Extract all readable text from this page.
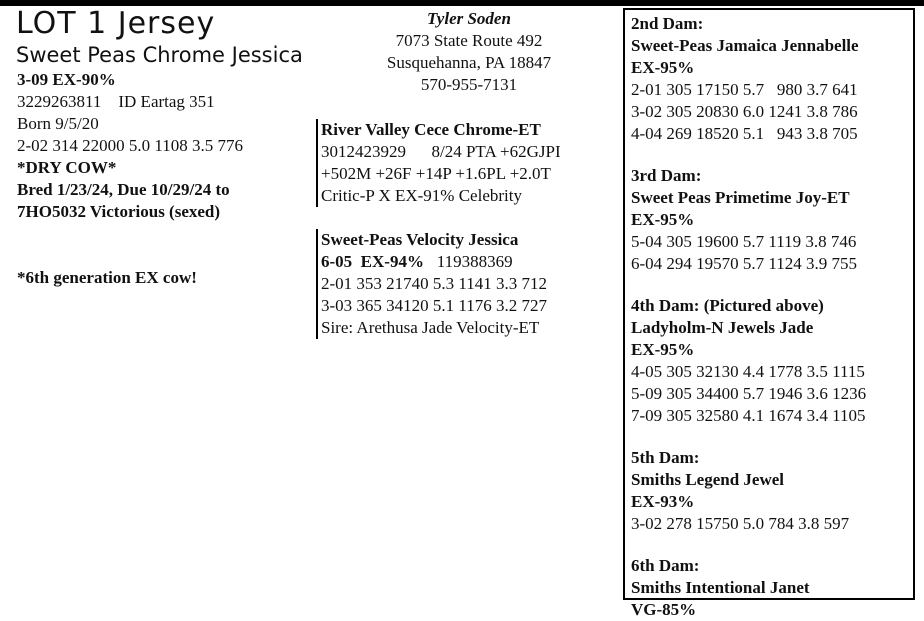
LOT 1 Jersey
Sweet Peas Chrome Jessica
3-09 EX-90%
3229263811    ID Eartag 351
Born 9/5/20
2-02 314 22000 5.0 1108 3.5 776
*DRY COW*
Bred 1/23/24, Due 10/29/24 to
7HO5032 Victorious (sexed)
*6th generation EX cow!
Tyler Soden
7073 State Route 492
Susquehanna, PA 18847
570-955-7131
River Valley Cece Chrome-ET
3012423929      8/24 PTA +62GJPI
+502M +26F +14P +1.6PL +2.0T
Critic-P X EX-91% Celebrity
Sweet-Peas Velocity Jessica
6-05  EX-94%   119388369
2-01 353 21740 5.3 1141 3.3 712
3-03 365 34120 5.1 1176 3.2 727
Sire: Arethusa Jade Velocity-ET
2nd Dam:
Sweet-Peas Jamaica Jennabelle
EX-95%
2-01 305 17150 5.7   980 3.7 641
3-02 305 20830 6.0 1241 3.8 786
4-04 269 18520 5.1   943 3.8 705
3rd Dam:
Sweet Peas Primetime Joy-ET
EX-95%
5-04 305 19600 5.7 1119 3.8 746
6-04 294 19570 5.7 1124 3.9 755
4th Dam: (Pictured above)
Ladyholm-N Jewels Jade
EX-95%
4-05 305 32130 4.4 1778 3.5 1115
5-09 305 34400 5.7 1946 3.6 1236
7-09 305 32580 4.1 1674 3.4 1105
5th Dam:
Smiths Legend Jewel
EX-93%
3-02 278 15750 5.0 784 3.8 597
6th Dam:
Smiths Intentional Janet
VG-85%
